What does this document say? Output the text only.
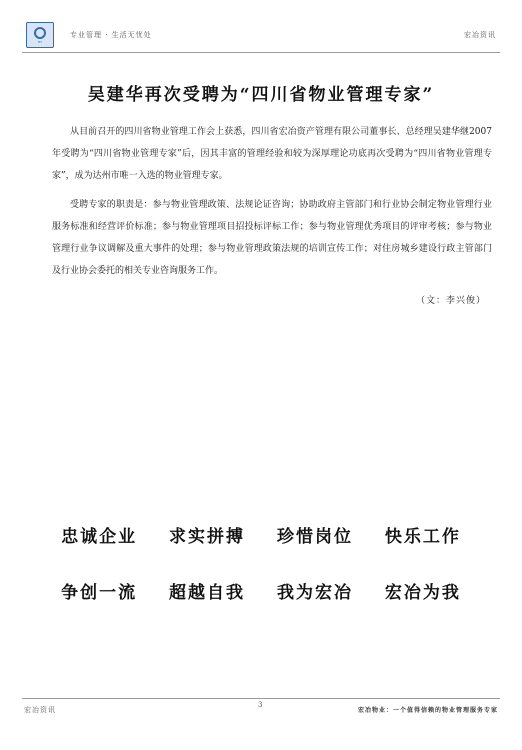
HY
专业管理 · 生活无忧处	宏冶资讯
吴建华再次受聘为“四川省物业管理专家”

从目前召开的四川省物业管理工作会上获悉，四川省宏冶资产管理有限公司董事长、总经理吴建华继2007年受聘为“四川省物业管理专家”后，因其丰富的管理经验和较为深厚理论功底再次受聘为“四川省物业管理专家”，成为达州市唯一入选的物业管理专家。

受聘专家的职责是：参与物业管理政策、法规论证咨询；协助政府主管部门和行业协会制定物业管理行业服务标准和经营评价标准；参与物业管理项目招投标评标工作；参与物业管理优秀项目的评审考核；参与物业管理行业争议调解及重大事件的处理；参与物业管理政策法规的培训宣传工作；对住房城乡建设行政主管部门及行业协会委托的相关专业咨询服务工作。

（文：李兴俊）
忠诚企业 求实拼搏 珍惜岗位 快乐工作
争创一流 超越自我 我为宏冶 宏冶为我
宏冶资讯
3
宏冶物业：一个值得信赖的物业管理服务专家
